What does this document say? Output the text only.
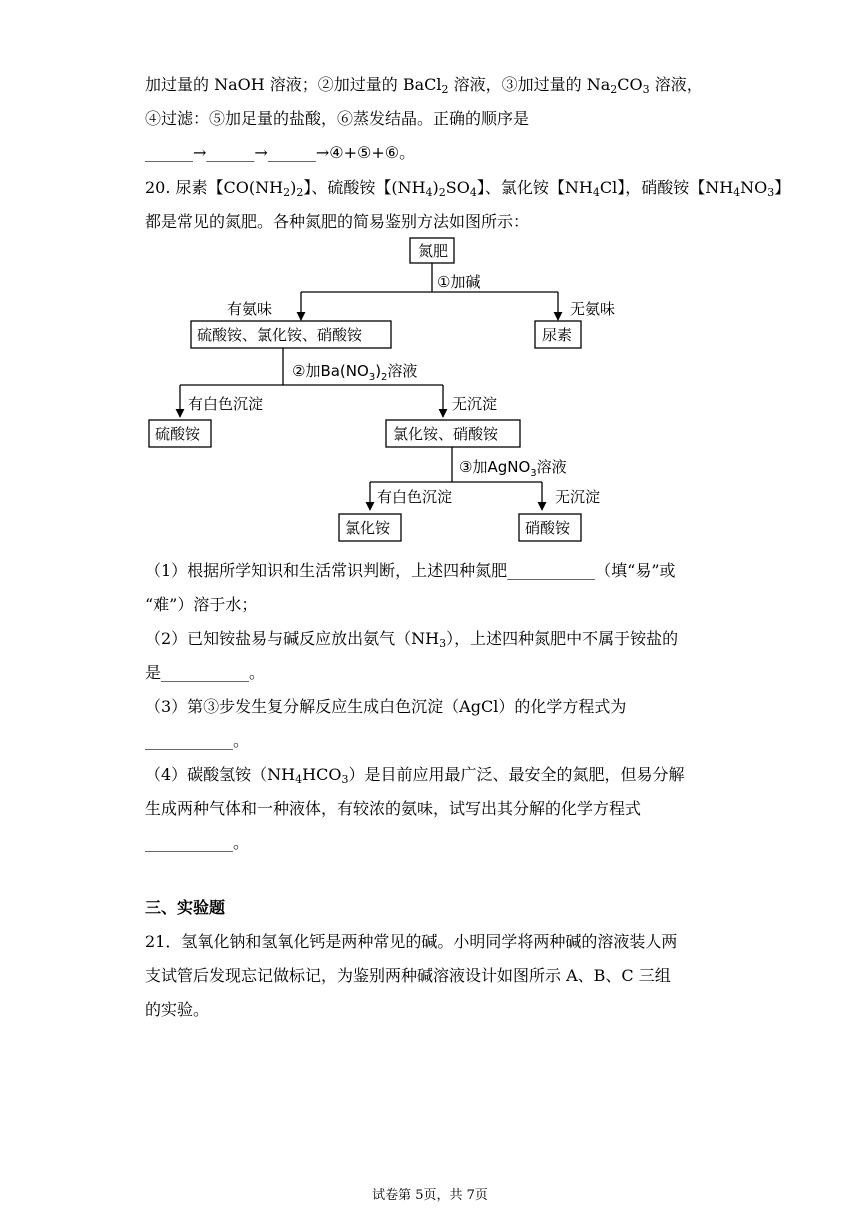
加过量的 NaOH 溶液；②加过量的 BaCl2 溶液，③加过量的 Na2CO3 溶液，
④过滤：⑤加足量的盐酸，⑥蒸发结晶。正确的顺序是
______→______→______→④+⑤+⑥。
20. 尿素【CO(NH2)2】、硫酸铵【(NH4)2SO4】、氯化铵【NH4Cl】，硝酸铵【NH4NO3】
都是常见的氮肥。各种氮肥的简易鉴别方法如图所示：
氮肥
①加碱
有氨味	无氨味
硫酸铵、氯化铵、硝酸铵	尿素
②加$Ba(NO_3)_2$溶液
有白色沉淀	无沉淀
硫酸铵	氯化铵、硝酸铵
③加AgNO$_3$溶液
有白色沉淀	无沉淀
氯化铵	硝酸铵
（1）根据所学知识和生活常识判断，上述四种氮肥___________（填“易”或
“难”）溶于水；
（2）已知铵盐易与碱反应放出氨气（NH3），上述四种氮肥中不属于铵盐的
是___________。
（3）第③步发生复分解反应生成白色沉淀（AgCl）的化学方程式为
___________。
（4）碳酸氢铵（NH4HCO3）是目前应用最广泛、最安全的氮肥，但易分解
生成两种气体和一种液体，有较浓的氨味，试写出其分解的化学方程式
___________。
三、实验题
21．氢氧化钠和氢氧化钙是两种常见的碱。小明同学将两种碱的溶液装人两
支试管后发现忘记做标记，为鉴别两种碱溶液设计如图所示 A、B、C 三组
的实验。
试卷第 5页，共 7页
